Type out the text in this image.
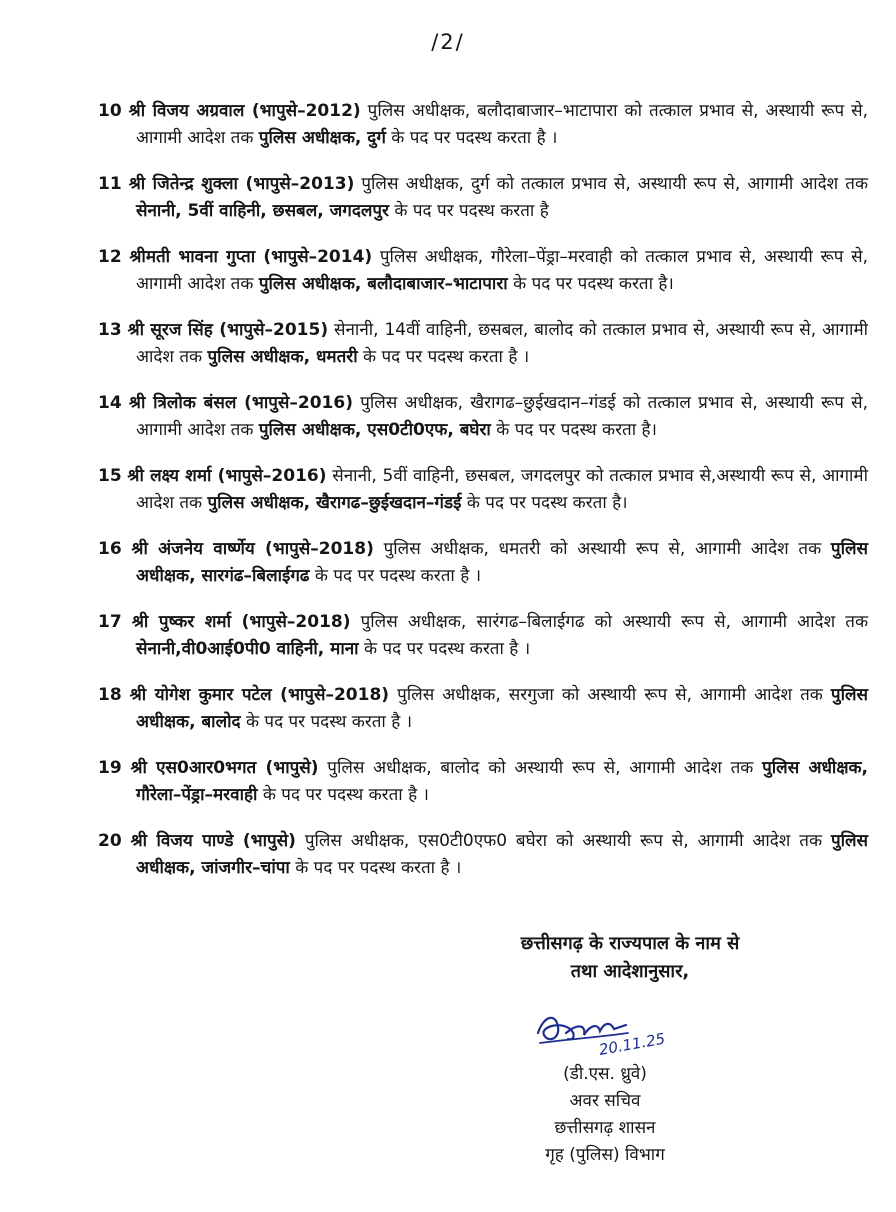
/2/
10 श्री विजय अग्रवाल (भापुसे–2012) पुलिस अधीक्षक, बलौदाबाजार–भाटापारा को तत्काल प्रभाव से, अस्थायी रूप से, आगामी आदेश तक पुलिस अधीक्षक, दुर्ग के पद पर पदस्थ करता है ।
11 श्री जितेन्द्र शुक्ला (भापुसे–2013) पुलिस अधीक्षक, दुर्ग को तत्काल प्रभाव से, अस्थायी रूप से, आगामी आदेश तक सेनानी, 5वीं वाहिनी, छसबल, जगदलपुर के पद पर पदस्थ करता है
12 श्रीमती भावना गुप्ता (भापुसे–2014) पुलिस अधीक्षक, गौरेला–पेंड्रा–मरवाही को तत्काल प्रभाव से, अस्थायी रूप से, आगामी आदेश तक पुलिस अधीक्षक, बलौदाबाजार–भाटापारा के पद पर पदस्थ करता है।
13 श्री सूरज सिंह (भापुसे–2015) सेनानी, 14वीं वाहिनी, छसबल, बालोद को तत्काल प्रभाव से, अस्थायी रूप से, आगामी आदेश तक पुलिस अधीक्षक, धमतरी के पद पर पदस्थ करता है ।
14 श्री त्रिलोक बंसल (भापुसे–2016) पुलिस अधीक्षक, खैरागढ–छुईखदान–गंडई को तत्काल प्रभाव से, अस्थायी रूप से, आगामी आदेश तक पुलिस अधीक्षक, एस0टी0एफ, बघेरा के पद पर पदस्थ करता है।
15 श्री लक्ष्य शर्मा (भापुसे–2016) सेनानी, 5वीं वाहिनी, छसबल, जगदलपुर को तत्काल प्रभाव से,अस्थायी रूप से, आगामी आदेश तक पुलिस अधीक्षक, खैरागढ–छुईखदान–गंडई के पद पर पदस्थ करता है।
16 श्री अंजनेय वार्ष्णेय (भापुसे–2018) पुलिस अधीक्षक, धमतरी को अस्थायी रूप से, आगामी आदेश तक पुलिस अधीक्षक, सारगंढ–बिलाईगढ के पद पर पदस्थ करता है ।
17 श्री पुष्कर शर्मा (भापुसे–2018) पुलिस अधीक्षक, सारंगढ–बिलाईगढ को अस्थायी रूप से, आगामी आदेश तक सेनानी,वी0आई0पी0 वाहिनी, माना के पद पर पदस्थ करता है ।
18 श्री योगेश कुमार पटेल (भापुसे–2018) पुलिस अधीक्षक, सरगुजा को अस्थायी रूप से, आगामी आदेश तक पुलिस अधीक्षक, बालोद के पद पर पदस्थ करता है ।
19 श्री एस0आर0भगत (भापुसे) पुलिस अधीक्षक, बालोद को अस्थायी रूप से, आगामी आदेश तक पुलिस अधीक्षक, गौरेला–पेंड्रा–मरवाही के पद पर पदस्थ करता है ।
20 श्री विजय पाण्डे (भापुसे) पुलिस अधीक्षक, एस0टी0एफ0 बघेरा को अस्थायी रूप से, आगामी आदेश तक पुलिस अधीक्षक, जांजगीर–चांपा के पद पर पदस्थ करता है ।
छत्तीसगढ़ के राज्यपाल के नाम से
तथा आदेशानुसार,
20.11.25
(डी.एस. ध्रुवे)
अवर सचिव
छत्तीसगढ़ शासन
गृह (पुलिस) विभाग
